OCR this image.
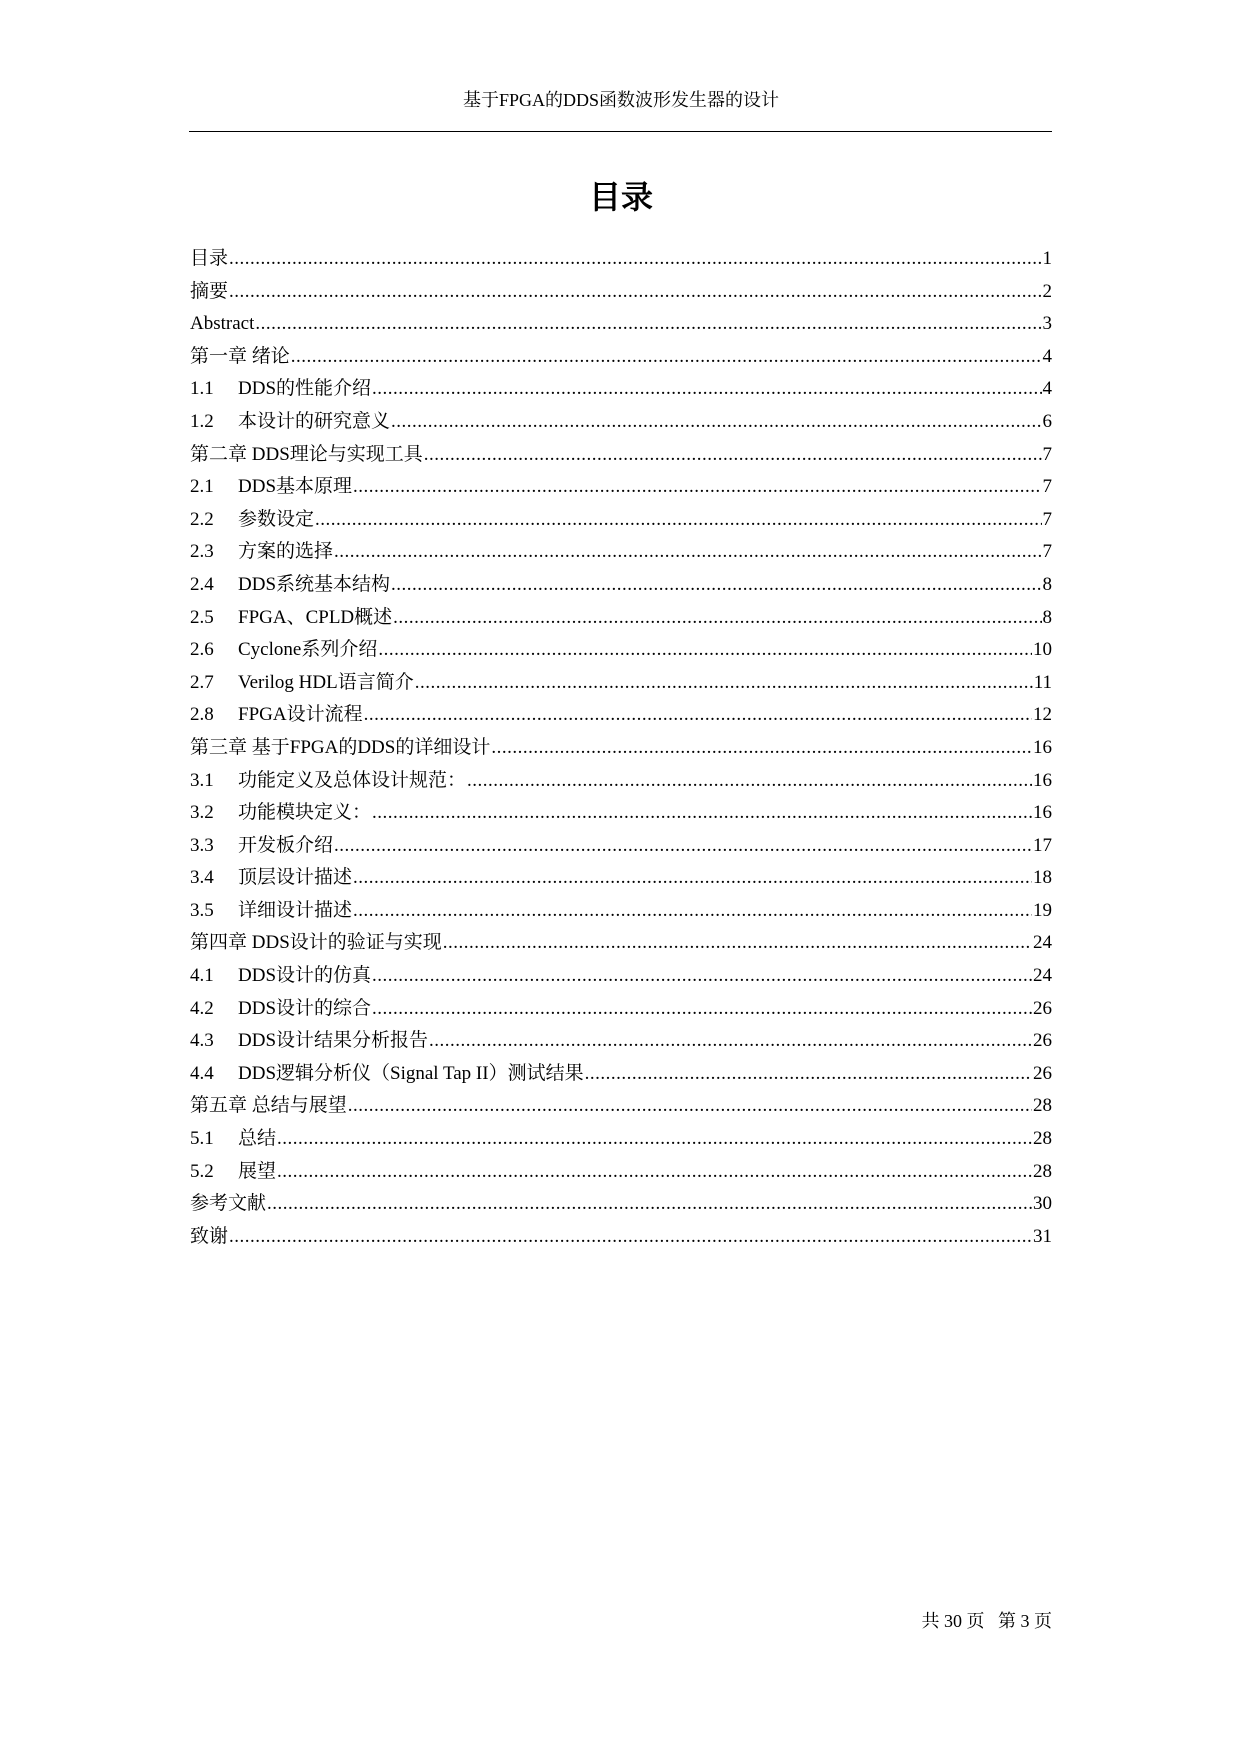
基于FPGA的DDS函数波形发生器的设计
目录
目录 .....	1
摘要 .....	2
Abstract .....	3
第一章 绪论 .....	4
1.1	DDS的性能介绍 .....	4
1.2	本设计的研究意义 .....	6
第二章 DDS理论与实现工具 .....	7
2.1	DDS基本原理 .....	7
2.2	参数设定 .....	7
2.3	方案的选择 .....	7
2.4	DDS系统基本结构 .....	8
2.5	FPGA、CPLD概述 .....	8
2.6	Cyclone系列介绍 .....	10
2.7	Verilog HDL语言简介 .....	11
2.8	FPGA设计流程 .....	12
第三章 基于FPGA的DDS的详细设计 .....	16
3.1	功能定义及总体设计规范： .....	16
3.2	功能模块定义： .....	16
3.3	开发板介绍 .....	17
3.4	顶层设计描述 .....	18
3.5	详细设计描述 .....	19
第四章 DDS设计的验证与实现 .....	24
4.1	DDS设计的仿真 .....	24
4.2	DDS设计的综合 .....	26
4.3	DDS设计结果分析报告 .....	26
4.4	DDS逻辑分析仪（Signal Tap II）测试结果 .....	26
第五章 总结与展望 .....	28
5.1	总结 .....	28
5.2	展望 .....	28
参考文献 .....	30
致谢 .....	31
共 30 页   第 3 页
